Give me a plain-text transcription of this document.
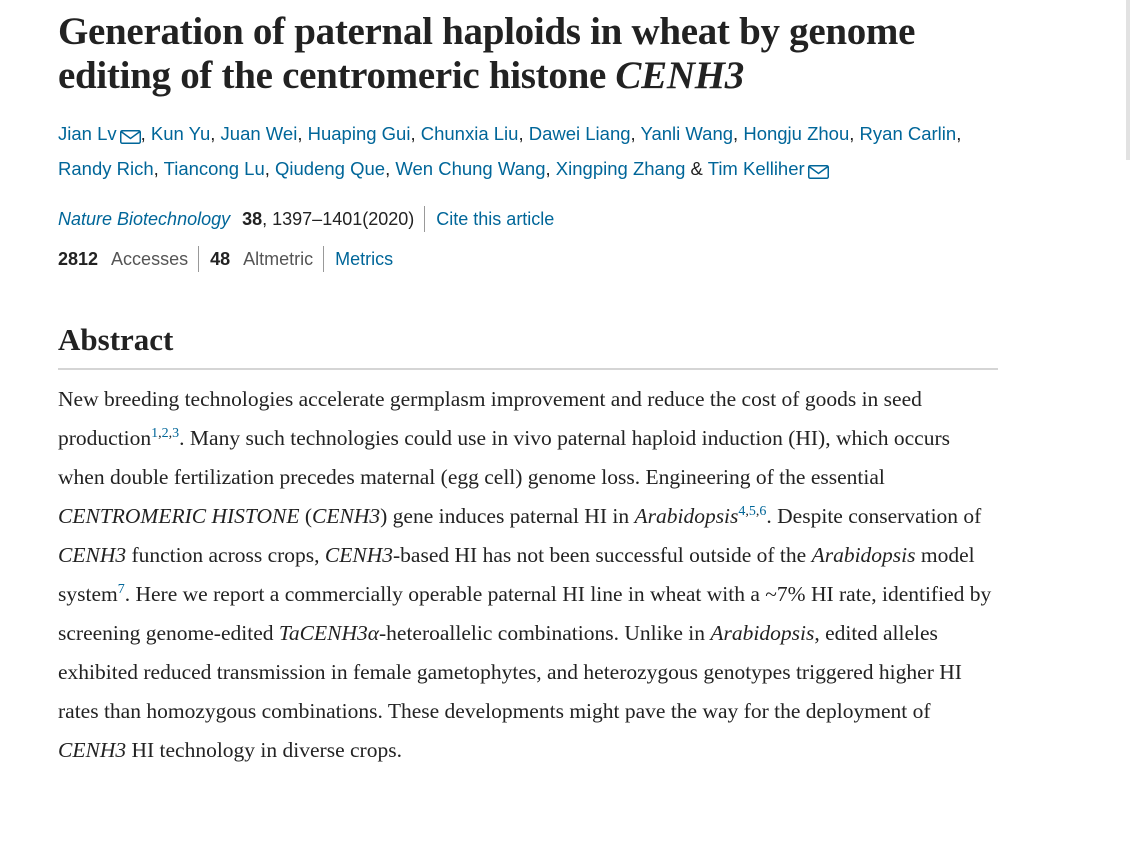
Generation of paternal haploids in wheat by genome editing of the centromeric histone CENH3
Jian Lv , Kun Yu, Juan Wei, Huaping Gui, Chunxia Liu, Dawei Liang, Yanli Wang, Hongju Zhou, Ryan Carlin,
Randy Rich, Tiancong Lu, Qiudeng Que, Wen Chung Wang, Xingping Zhang & Tim Kelliher
Nature Biotechnology 38 , 1397–1401(2020) Cite this article
2812 Accesses 48 Altmetric Metrics
Abstract

New breeding technologies accelerate germplasm improvement and reduce the cost of goods in seed production$^{1,2,3}$. Many such technologies could use in vivo paternal haploid induction (HI), which occurs when double fertilization precedes maternal (egg cell) genome loss. Engineering of the essential CENTROMERIC HISTONE (CENH3) gene induces paternal HI in Arabidopsis$^{4,5,6}$. Despite conservation of CENH3 function across crops, CENH3-based HI has not been successful outside of the Arabidopsis model system$^7$. Here we report a commercially operable paternal HI line in wheat with a ~7% HI rate, identified by screening genome-edited TaCENH3α-heteroallelic combinations. Unlike in Arabidopsis, edited alleles exhibited reduced transmission in female gametophytes, and heterozygous genotypes triggered higher HI rates than homozygous combinations. These developments might pave the way for the deployment of CENH3 HI technology in diverse crops.
